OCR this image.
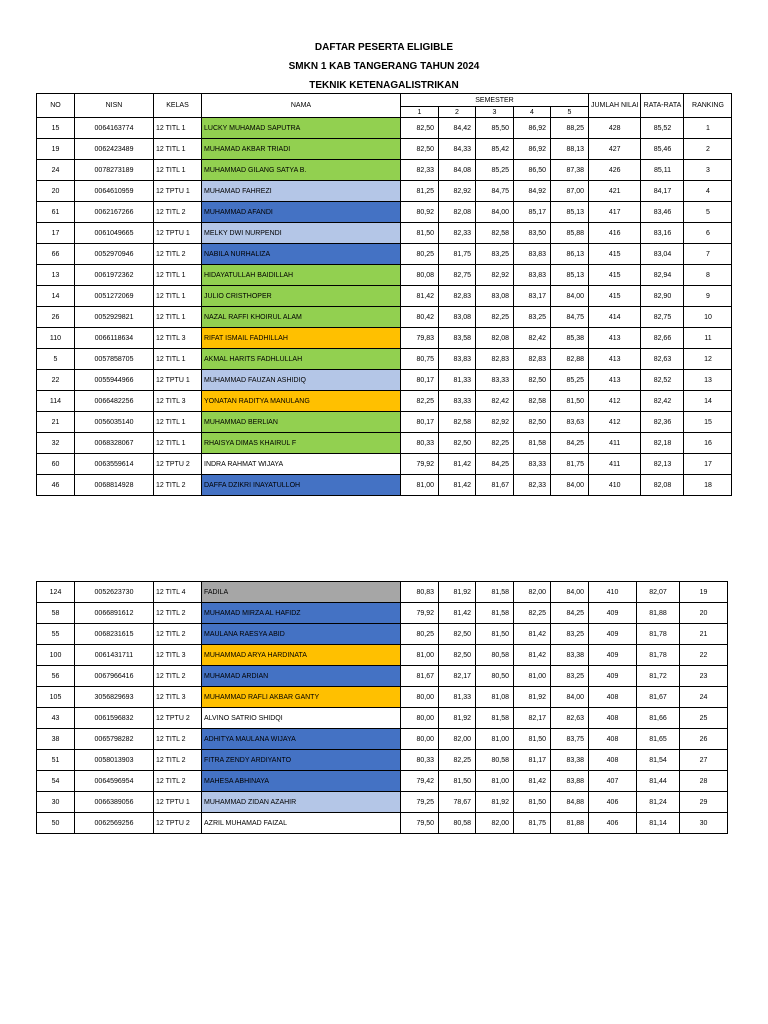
DAFTAR PESERTA ELIGIBLE
SMKN 1 KAB TANGERANG TAHUN 2024
TEKNIK KETENAGALISTRIKAN
NO	NISN	KELAS	NAMA	SEMESTER					JUMLAH NILAI	RATA-RATA	RANKING
				1	2	3	4	5			
15	0064163774	12 TITL 1	LUCKY MUHAMAD SAPUTRA	82,50	84,42	85,50	86,92	88,25	428	85,52	1
19	0062423489	12 TITL 1	MUHAMAD AKBAR TRIADI	82,50	84,33	85,42	86,92	88,13	427	85,46	2
24	0078273189	12 TITL 1	MUHAMMAD GILANG SATYA B.	82,33	84,08	85,25	86,50	87,38	426	85,11	3
20	0064610959	12 TPTU 1	MUHAMAD FAHREZI	81,25	82,92	84,75	84,92	87,00	421	84,17	4
61	0062167266	12 TITL 2	MUHAMMAD AFANDI	80,92	82,08	84,00	85,17	85,13	417	83,46	5
17	0061049665	12 TPTU 1	MELKY DWI NURPENDI	81,50	82,33	82,58	83,50	85,88	416	83,16	6
66	0052970946	12 TITL 2	NABILA NURHALIZA	80,25	81,75	83,25	83,83	86,13	415	83,04	7
13	0061972362	12 TITL 1	HIDAYATULLAH BAIDILLAH	80,08	82,75	82,92	83,83	85,13	415	82,94	8
14	0051272069	12 TITL 1	JULIO CRISTHOPER	81,42	82,83	83,08	83,17	84,00	415	82,90	9
26	0052929821	12 TITL 1	NAZAL RAFFI KHOIRUL ALAM	80,42	83,08	82,25	83,25	84,75	414	82,75	10
110	0066118634	12 TITL 3	RIFAT ISMAIL FADHILLAH	79,83	83,58	82,08	82,42	85,38	413	82,66	11
5	0057858705	12 TITL 1	AKMAL HARITS FADHLULLAH	80,75	83,83	82,83	82,83	82,88	413	82,63	12
22	0055944966	12 TPTU 1	MUHAMMAD FAUZAN ASHIDIQ	80,17	81,33	83,33	82,50	85,25	413	82,52	13
114	0066482256	12 TITL 3	YONATAN RADITYA MANULANG	82,25	83,33	82,42	82,58	81,50	412	82,42	14
21	0056035140	12 TITL 1	MUHAMMAD BERLIAN	80,17	82,58	82,92	82,50	83,63	412	82,36	15
32	0068328067	12 TITL 1	RHAISYA DIMAS KHAIRUL F	80,33	82,50	82,25	81,58	84,25	411	82,18	16
60	0063559614	12 TPTU 2	INDRA RAHMAT WIJAYA	79,92	81,42	84,25	83,33	81,75	411	82,13	17
46	0068814928	12 TITL 2	DAFFA DZIKRI INAYATULLOH	81,00	81,42	81,67	82,33	84,00	410	82,08	18
124	0052623730	12 TITL 4	FADILA	80,83	81,92	81,58	82,00	84,00	410	82,07	19
58	0066891612	12 TITL 2	MUHAMAD MIRZA AL HAFIDZ	79,92	81,42	81,58	82,25	84,25	409	81,88	20
55	0068231615	12 TITL 2	MAULANA RAESYA ABID	80,25	82,50	81,50	81,42	83,25	409	81,78	21
100	0061431711	12 TITL 3	MUHAMMAD ARYA HARDINATA	81,00	82,50	80,58	81,42	83,38	409	81,78	22
56	0067966416	12 TITL 2	MUHAMAD ARDIAN	81,67	82,17	80,50	81,00	83,25	409	81,72	23
105	3056829693	12 TITL 3	MUHAMMAD RAFLI AKBAR GANTY	80,00	81,33	81,08	81,92	84,00	408	81,67	24
43	0061596832	12 TPTU 2	ALVINO SATRIO SHIDQI	80,00	81,92	81,58	82,17	82,63	408	81,66	25
38	0065798282	12 TITL 2	ADHITYA MAULANA WIJAYA	80,00	82,00	81,00	81,50	83,75	408	81,65	26
51	0058013903	12 TITL 2	FITRA ZENDY ARDIYANTO	80,33	82,25	80,58	81,17	83,38	408	81,54	27
54	0064596954	12 TITL 2	MAHESA ABHINAYA	79,42	81,50	81,00	81,42	83,88	407	81,44	28
30	0066389056	12 TPTU 1	MUHAMMAD ZIDAN AZAHIR	79,25	78,67	81,92	81,50	84,88	406	81,24	29
50	0062569256	12 TPTU 2	AZRIL MUHAMAD FAIZAL	79,50	80,58	82,00	81,75	81,88	406	81,14	30
